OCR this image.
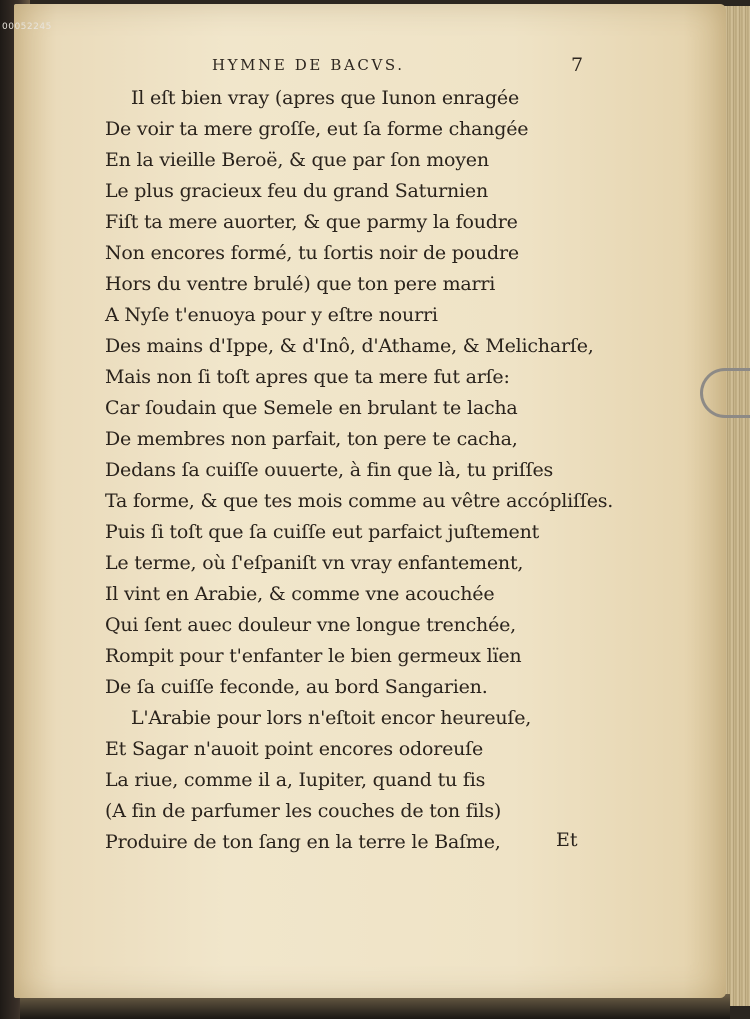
00052245
HYMNE DE BACVS.	7
Il eſt bien vray (apres que Iunon enragée
De voir ta mere groſſe, eut ſa forme changée
En la vieille Beroë, & que par ſon moyen
Le plus gracieux feu du grand Saturnien
Fiſt ta mere auorter, & que parmy la foudre
Non encores formé, tu ſortis noir de poudre
Hors du ventre brulé) que ton pere marri
A Nyſe t'enuoya pour y eſtre nourri
Des mains d'Ippe, & d'Inô, d'Athame, & Melicharſe,
Mais non ſi toſt apres que ta mere fut arſe:
Car ſoudain que Semele en brulant te lacha
De membres non parfait, ton pere te cacha,
Dedans ſa cuiſſe ouuerte, à fin que là, tu priſſes
Ta forme, & que tes mois comme au vêtre accópliſſes.
Puis ſi toſt que ſa cuiſſe eut parfaict juſtement
Le terme, où ſ'eſpaniſt vn vray enfantement,
Il vint en Arabie, & comme vne acouchée
Qui ſent auec douleur vne longue trenchée,
Rompit pour t'enfanter le bien germeux lïen
De ſa cuiſſe feconde, au bord Sangarien.
L'Arabie pour lors n'eſtoit encor heureuſe,
Et Sagar n'auoit point encores odoreuſe
La riue, comme il a, Iupiter, quand tu fis
(A fin de parfumer les couches de ton fils)
Produire de ton ſang en la terre le Baſme,	Et
